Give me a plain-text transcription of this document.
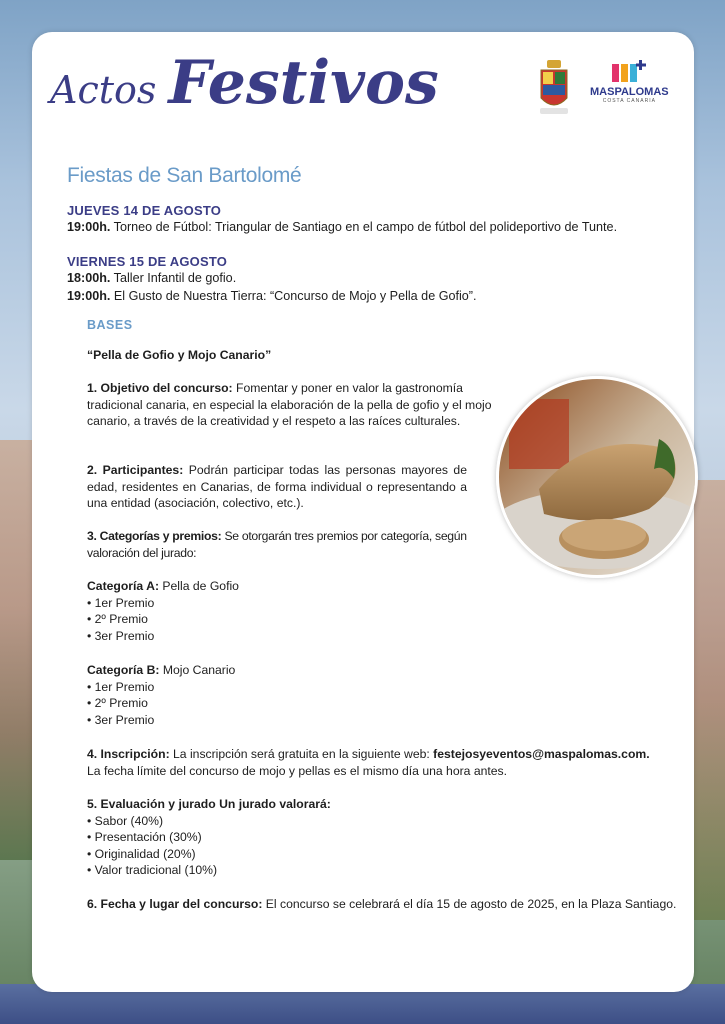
Actos Festivos	MASPALOMAS
COSTA CANARIA
Fiestas de San Bartolomé
JUEVES 14 DE AGOSTO
19:00h. Torneo de Fútbol: Triangular de Santiago en el campo de fútbol del polideportivo de Tunte.
VIERNES 15 DE AGOSTO
18:00h. Taller Infantil de gofio.
19:00h. El Gusto de Nuestra Tierra: “Concurso de Mojo y Pella de Gofio”.
BASES
“Pella de Gofio y Mojo Canario”
1. Objetivo del concurso: Fomentar y poner en valor la gastronomía tradicional canaria, en especial la elaboración de la pella de gofio y el mojo canario, a través de la creatividad y el respeto a las raíces culturales.
2. Participantes: Podrán participar todas las personas mayores de edad, residentes en Canarias, de forma individual o representando a una entidad (asociación, colectivo, etc.).
3. Categorías y premios: Se otorgarán tres premios por categoría, según valoración del jurado:
Categoría A: Pella de Gofio
• 1er Premio
• 2º Premio
• 3er Premio
Categoría B: Mojo Canario
• 1er Premio
• 2º Premio
• 3er Premio
4. Inscripción: La inscripción será gratuita en la siguiente web: festejosyeventos@maspalomas.com.
La fecha límite del concurso de mojo y pellas es el mismo día una hora antes.
5. Evaluación y jurado Un jurado valorará:
• Sabor (40%)
• Presentación (30%)
• Originalidad (20%)
• Valor tradicional (10%)
6. Fecha y lugar del concurso: El concurso se celebrará el día 15 de agosto de 2025, en la Plaza Santiago.
